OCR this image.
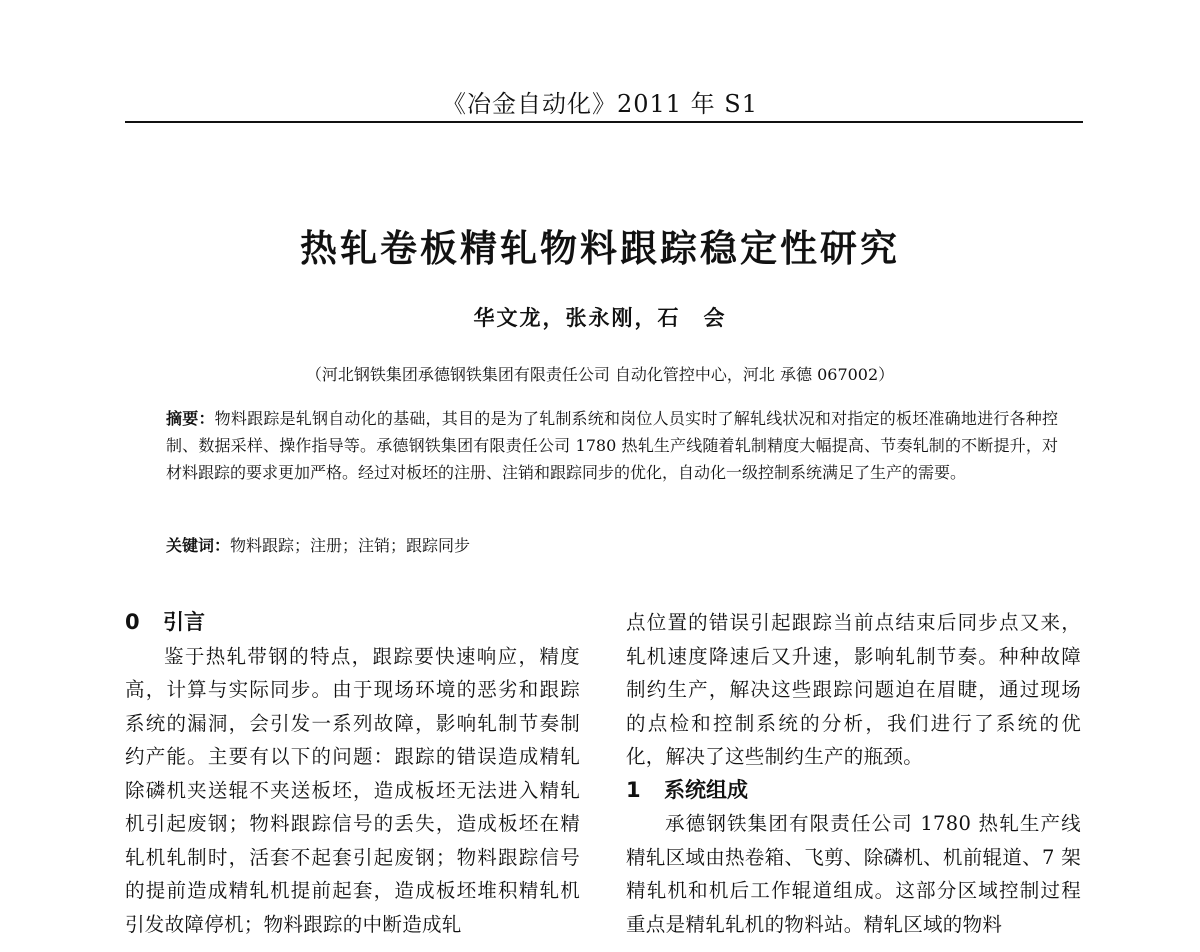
《冶金自动化》2011 年 S1
热轧卷板精轧物料跟踪稳定性研究
华文龙，张永刚，石　会
（河北钢铁集团承德钢铁集团有限责任公司 自动化管控中心，河北 承德 067002）

摘要：物料跟踪是轧钢自动化的基础，其目的是为了轧制系统和岗位人员实时了解轧线状况和对指定的板坯准确地进行各种控制、数据采样、操作指导等。承德钢铁集团有限责任公司 1780 热轧生产线随着轧制精度大幅提高、节奏轧制的不断提升，对材料跟踪的要求更加严格。经过对板坯的注册、注销和跟踪同步的优化，自动化一级控制系统满足了生产的需要。

关键词：物料跟踪；注册；注销；跟踪同步

0 引言

鉴于热轧带钢的特点，跟踪要快速响应，精度高，计算与实际同步。由于现场环境的恶劣和跟踪系统的漏洞，会引发一系列故障，影响轧制节奏制约产能。主要有以下的问题：跟踪的错误造成精轧除磷机夹送辊不夹送板坯，造成板坯无法进入精轧机引起废钢；物料跟踪信号的丢失，造成板坯在精轧机轧制时，活套不起套引起废钢；物料跟踪信号的提前造成精轧机提前起套，造成板坯堆积精轧机引发故障停机；物料跟踪的中断造成轧

点位置的错误引起跟踪当前点结束后同步点又来，轧机速度降速后又升速，影响轧制节奏。种种故障制约生产，解决这些跟踪问题迫在眉睫，通过现场的点检和控制系统的分析，我们进行了系统的优化，解决了这些制约生产的瓶颈。

1 系统组成

承德钢铁集团有限责任公司 1780 热轧生产线精轧区域由热卷箱、飞剪、除磷机、机前辊道、7 架精轧机和机后工作辊道组成。这部分区域控制过程重点是精轧轧机的物料站。精轧区域的物料
